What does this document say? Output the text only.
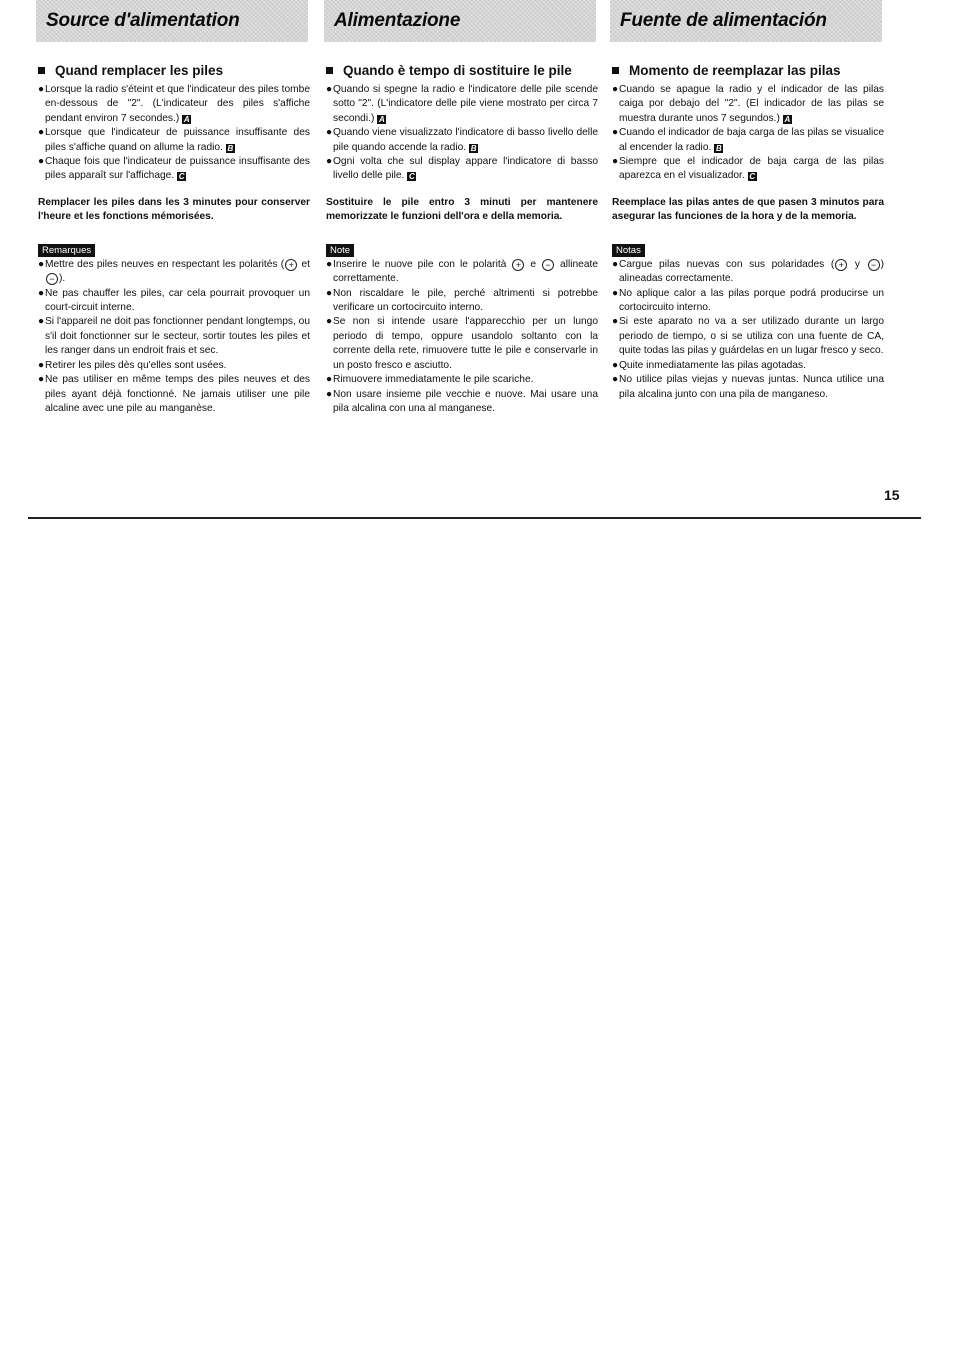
Source d'alimentation
Quand remplacer les piles
●Lorsque la radio s'éteint et que l'indicateur des piles tombe en-dessous de "2". (L'indicateur des piles s'affiche pendant environ 7 secondes.) A
●Lorsque que l'indicateur de puissance insuffisante des piles s'affiche quand on allume la radio. B
●Chaque fois que l'indicateur de puissance insuffisante des piles apparaît sur l'affichage. C
Remplacer les piles dans les 3 minutes pour conserver l'heure et les fonctions mémorisées.
Remarques
●Mettre des piles neuves en respectant les polarités ( + et − ).
●Ne pas chauffer les piles, car cela pourrait provoquer un court-circuit interne.
●Si l'appareil ne doit pas fonctionner pendant longtemps, ou s'il doit fonctionner sur le secteur, sortir toutes les piles et les ranger dans un endroit frais et sec.
●Retirer les piles dès qu'elles sont usées.
●Ne pas utiliser en même temps des piles neuves et des piles ayant déjà fonctionné. Ne jamais utiliser une pile alcaline avec une pile au manganèse.
Alimentazione
Quando è tempo di sostituire le pile
●Quando si spegne la radio e l'indicatore delle pile scende sotto "2". (L'indicatore delle pile viene mostrato per circa 7 secondi.) A
●Quando viene visualizzato l'indicatore di basso livello delle pile quando accende la radio. B
●Ogni volta che sul display appare l'indicatore di basso livello delle pile. C
Sostituire le pile entro 3 minuti per mantenere memorizzate le funzioni dell'ora e della memoria.
Note
●Inserire le nuove pile con le polarità + e − allineate correttamente.
●Non riscaldare le pile, perché altrimenti si potrebbe verificare un cortocircuito interno.
●Se non si intende usare l'apparecchio per un lungo periodo di tempo, oppure usandolo soltanto con la corrente della rete, rimuovere tutte le pile e conservarle in un posto fresco e asciutto.
●Rimuovere immediatamente le pile scariche.
●Non usare insieme pile vecchie e nuove. Mai usare una pila alcalina con una al manganese.
Fuente de alimentación
Momento de reemplazar las pilas
●Cuando se apague la radio y el indicador de las pilas caiga por debajo del "2". (El indicador de las pilas se muestra durante unos 7 segundos.) A
●Cuando el indicador de baja carga de las pilas se visualice al encender la radio. B
●Siempre que el indicador de baja carga de las pilas aparezca en el visualizador. C
Reemplace las pilas antes de que pasen 3 minutos para asegurar las funciones de la hora y de la memoria.
Notas
●Cargue pilas nuevas con sus polaridades ( + y − ) alineadas correctamente.
●No aplique calor a las pilas porque podrá producirse un cortocircuito interno.
●Si este aparato no va a ser utilizado durante un largo periodo de tiempo, o si se utiliza con una fuente de CA, quite todas las pilas y guárdelas en un lugar fresco y seco.
●Quite inmediatamente las pilas agotadas.
●No utilice pilas viejas y nuevas juntas. Nunca utilice una pila alcalina junto con una pila de manganeso.
15
